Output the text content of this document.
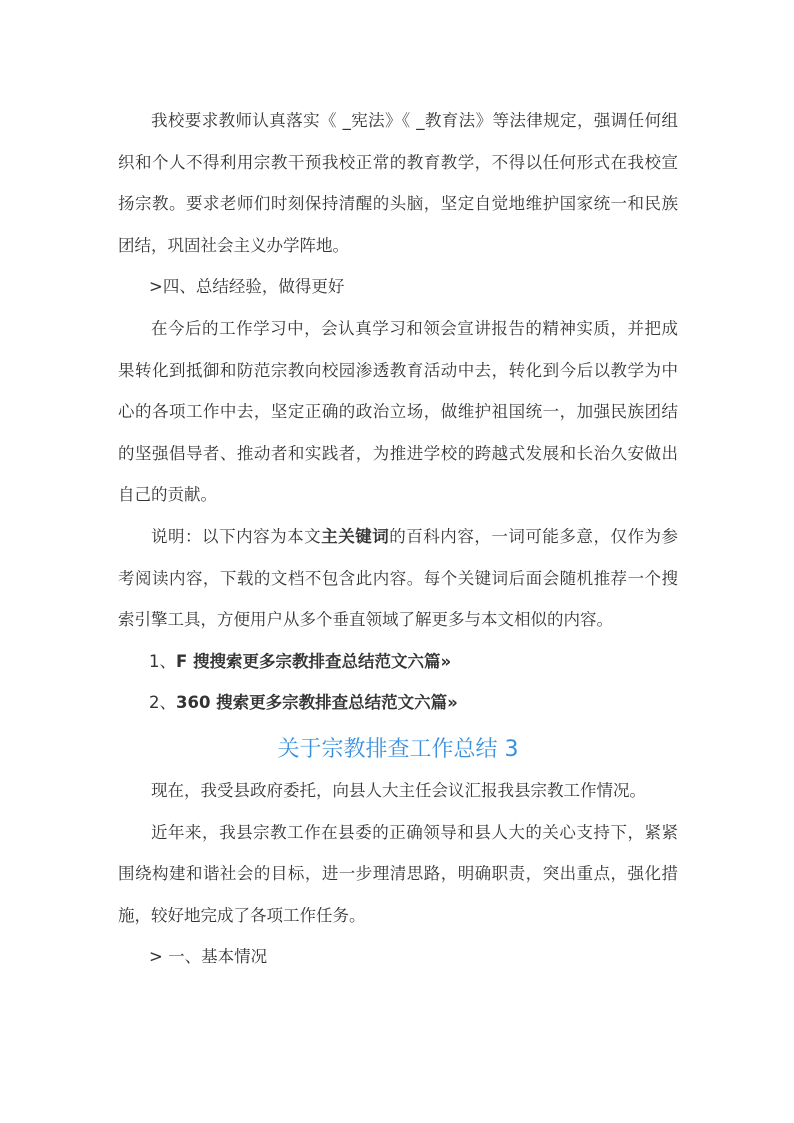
我校要求教师认真落实《 _宪法》《 _教育法》等法律规定，强调任何组织和个人不得利用宗教干预我校正常的教育教学，不得以任何形式在我校宣扬宗教。要求老师们时刻保持清醒的头脑，坚定自觉地维护国家统一和民族团结，巩固社会主义办学阵地。

>四、总结经验，做得更好

在今后的工作学习中，会认真学习和领会宣讲报告的精神实质，并把成果转化到抵御和防范宗教向校园渗透教育活动中去，转化到今后以教学为中心的各项工作中去，坚定正确的政治立场，做维护祖国统一，加强民族团结的坚强倡导者、推动者和实践者，为推进学校的跨越式发展和长治久安做出自己的贡献。

说明：以下内容为本文主关键词的百科内容，一词可能多意，仅作为参考阅读内容，下载的文档不包含此内容。每个关键词后面会随机推荐一个搜索引擎工具，方便用户从多个垂直领域了解更多与本文相似的内容。

1、F 搜搜索更多宗教排查总结范文六篇»

2、360 搜索更多宗教排查总结范文六篇»

关于宗教排查工作总结 3

现在，我受县政府委托，向县人大主任会议汇报我县宗教工作情况。

近年来，我县宗教工作在县委的正确领导和县人大的关心支持下，紧紧围绕构建和谐社会的目标，进一步理清思路，明确职责，突出重点，强化措施，较好地完成了各项工作任务。

> 一、基本情况
